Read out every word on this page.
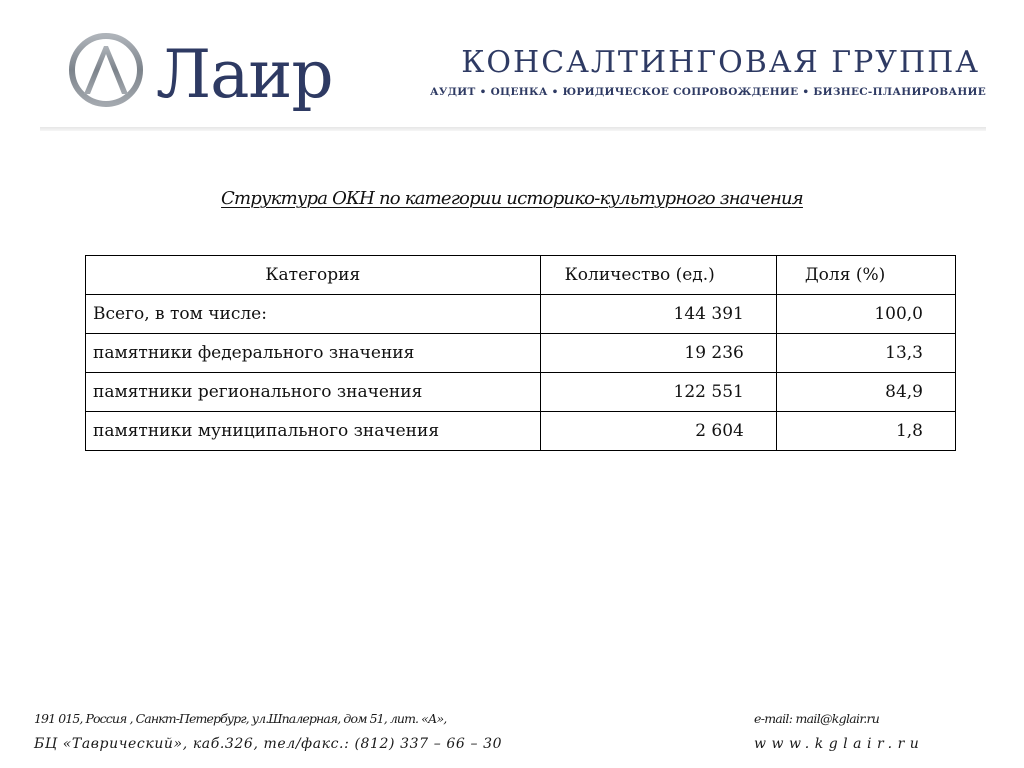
Лаир	КОНСАЛТИНГОВАЯ ГРУППА
АУДИТ • ОЦЕНКА • ЮРИДИЧЕСКОЕ СОПРОВОЖДЕНИЕ • БИЗНЕС-ПЛАНИРОВАНИЕ
Структура ОКН по категории историко-культурного значения
Категория	Количество (ед.)	Доля (%)
Всего, в том числе:	144 391	100,0
памятники федерального значения	19 236	13,3
памятники регионального значения	122 551	84,9
памятники муниципального значения	2 604	1,8
191 015, Россия , Санкт-Петербург, ул.Шпалерная, дом 51, лит. «А»,
БЦ «Таврический», каб.326, тел/факс.: (812) 337 – 66 – 30
e-mail: mail@kglair.ru
www.kglair.ru
